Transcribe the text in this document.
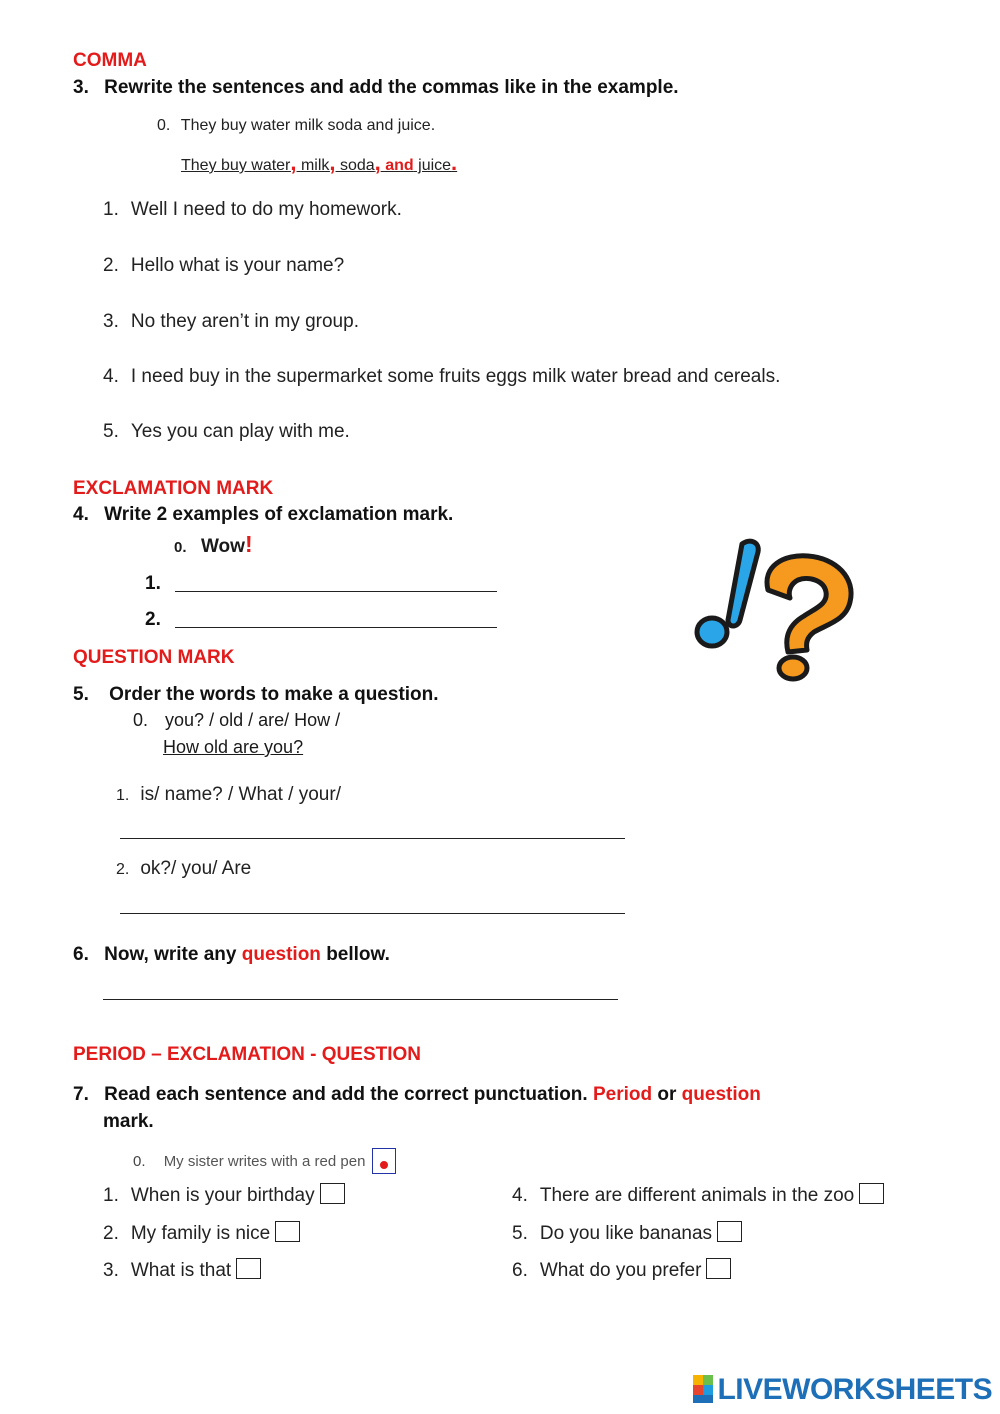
COMMA
3. Rewrite the sentences and add the commas like in the example.
0. They buy water milk soda and juice.
They buy water, milk, soda, and juice.
1. Well I need to do my homework.
2. Hello what is your name?
3. No they aren’t in my group.
4. I need buy in the supermarket some fruits eggs milk water bread and cereals.
5. Yes you can play with me.
EXCLAMATION MARK
4. Write 2 examples of exclamation mark.
0. Wow!
1.
2.
QUESTION MARK
5. Order the words to make a question.
0. you? / old / are/ How /
How old are you?
1. is/ name? / What / your/
2. ok?/ you/ Are
6. Now, write any question bellow.
PERIOD – EXCLAMATION - QUESTION
7. Read each sentence and add the correct punctuation. Period or question
mark.
0. My sister writes with a red pen
1. When is your birthday
2. My family is nice
3. What is that
4. There are different animals in the zoo
5. Do you like bananas
6. What do you prefer
LIVEWORKSHEETS
